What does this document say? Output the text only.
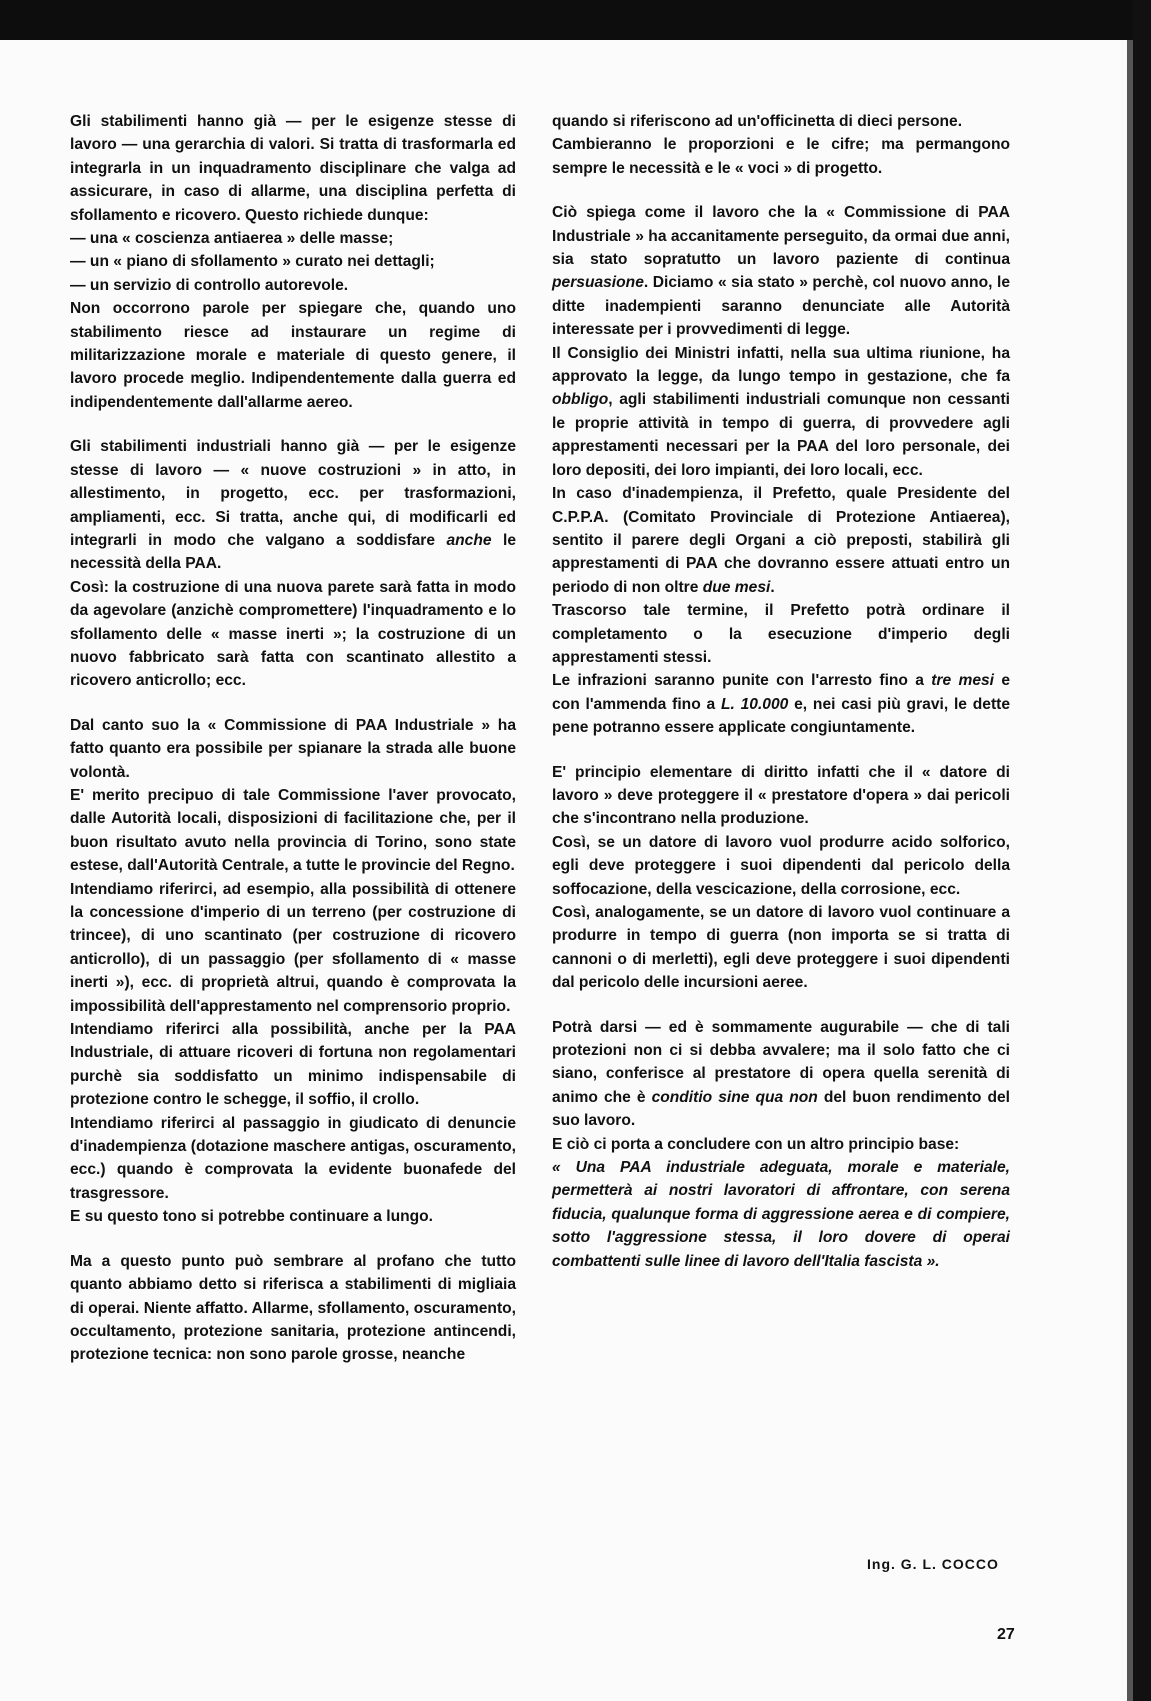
Gli stabilimenti hanno già — per le esigenze stesse di lavoro — una gerarchia di valori. Si tratta di trasformarla ed integrarla in un inquadramento disciplinare che valga ad assicurare, in caso di allarme, una disciplina perfetta di sfollamento e ricovero. Questo richiede dunque:

— una « coscienza antiaerea » delle masse;
— un « piano di sfollamento » curato nei dettagli;
— un servizio di controllo autorevole.

Non occorrono parole per spiegare che, quando uno stabilimento riesce ad instaurare un regime di militarizzazione morale e materiale di questo genere, il lavoro procede meglio. Indipendentemente dalla guerra ed indipendentemente dall'allarme aereo.

Gli stabilimenti industriali hanno già — per le esigenze stesse di lavoro — « nuove costruzioni » in atto, in allestimento, in progetto, ecc. per trasformazioni, ampliamenti, ecc. Si tratta, anche qui, di modificarli ed integrarli in modo che valgano a soddisfare anche le necessità della PAA.

Così: la costruzione di una nuova parete sarà fatta in modo da agevolare (anzichè compromettere) l'inquadramento e lo sfollamento delle « masse inerti »; la costruzione di un nuovo fabbricato sarà fatta con scantinato allestito a ricovero anticrollo; ecc.

Dal canto suo la « Commissione di PAA Industriale » ha fatto quanto era possibile per spianare la strada alle buone volontà.

E' merito precipuo di tale Commissione l'aver provocato, dalle Autorità locali, disposizioni di facilitazione che, per il buon risultato avuto nella provincia di Torino, sono state estese, dall'Autorità Centrale, a tutte le provincie del Regno.

Intendiamo riferirci, ad esempio, alla possibilità di ottenere la concessione d'imperio di un terreno (per costruzione di trincee), di uno scantinato (per costruzione di ricovero anticrollo), di un passaggio (per sfollamento di « masse inerti »), ecc. di proprietà altrui, quando è comprovata la impossibilità dell'apprestamento nel comprensorio proprio.

Intendiamo riferirci alla possibilità, anche per la PAA Industriale, di attuare ricoveri di fortuna non regolamentari purchè sia soddisfatto un minimo indispensabile di protezione contro le schegge, il soffio, il crollo.

Intendiamo riferirci al passaggio in giudicato di denuncie d'inadempienza (dotazione maschere antigas, oscuramento, ecc.) quando è comprovata la evidente buonafede del trasgressore.

E su questo tono si potrebbe continuare a lungo.

Ma a questo punto può sembrare al profano che tutto quanto abbiamo detto si riferisca a stabilimenti di migliaia di operai. Niente affatto. Allarme, sfollamento, oscuramento, occultamento, protezione sanitaria, protezione antincendi, protezione tecnica: non sono parole grosse, neanche

quando si riferiscono ad un'officinetta di dieci persone.

Cambieranno le proporzioni e le cifre; ma permangono sempre le necessità e le « voci » di progetto.

Ciò spiega come il lavoro che la « Commissione di PAA Industriale » ha accanitamente perseguito, da ormai due anni, sia stato sopratutto un lavoro paziente di continua persuasione. Diciamo « sia stato » perchè, col nuovo anno, le ditte inadempienti saranno denunciate alle Autorità interessate per i provvedimenti di legge.

Il Consiglio dei Ministri infatti, nella sua ultima riunione, ha approvato la legge, da lungo tempo in gestazione, che fa obbligo, agli stabilimenti industriali comunque non cessanti le proprie attività in tempo di guerra, di provvedere agli apprestamenti necessari per la PAA del loro personale, dei loro depositi, dei loro impianti, dei loro locali, ecc.

In caso d'inadempienza, il Prefetto, quale Presidente del C.P.P.A. (Comitato Provinciale di Protezione Antiaerea), sentito il parere degli Organi a ciò preposti, stabilirà gli apprestamenti di PAA che dovranno essere attuati entro un periodo di non oltre due mesi.

Trascorso tale termine, il Prefetto potrà ordinare il completamento o la esecuzione d'imperio degli apprestamenti stessi.

Le infrazioni saranno punite con l'arresto fino a tre mesi e con l'ammenda fino a L. 10.000 e, nei casi più gravi, le dette pene potranno essere applicate congiuntamente.

E' principio elementare di diritto infatti che il « datore di lavoro » deve proteggere il « prestatore d'opera » dai pericoli che s'incontrano nella produzione.

Così, se un datore di lavoro vuol produrre acido solforico, egli deve proteggere i suoi dipendenti dal pericolo della soffocazione, della vescicazione, della corrosione, ecc.

Così, analogamente, se un datore di lavoro vuol continuare a produrre in tempo di guerra (non importa se si tratta di cannoni o di merletti), egli deve proteggere i suoi dipendenti dal pericolo delle incursioni aeree.

Potrà darsi — ed è sommamente augurabile — che di tali protezioni non ci si debba avvalere; ma il solo fatto che ci siano, conferisce al prestatore di opera quella serenità di animo che è conditio sine qua non del buon rendimento del suo lavoro.

E ciò ci porta a concludere con un altro principio base:

« Una PAA industriale adeguata, morale e materiale, permetterà ai nostri lavoratori di affrontare, con serena fiducia, qualunque forma di aggressione aerea e di compiere, sotto l'aggressione stessa, il loro dovere di operai combattenti sulle linee di lavoro dell'Italia fascista ».

Ing. G. L. COCCO
27
